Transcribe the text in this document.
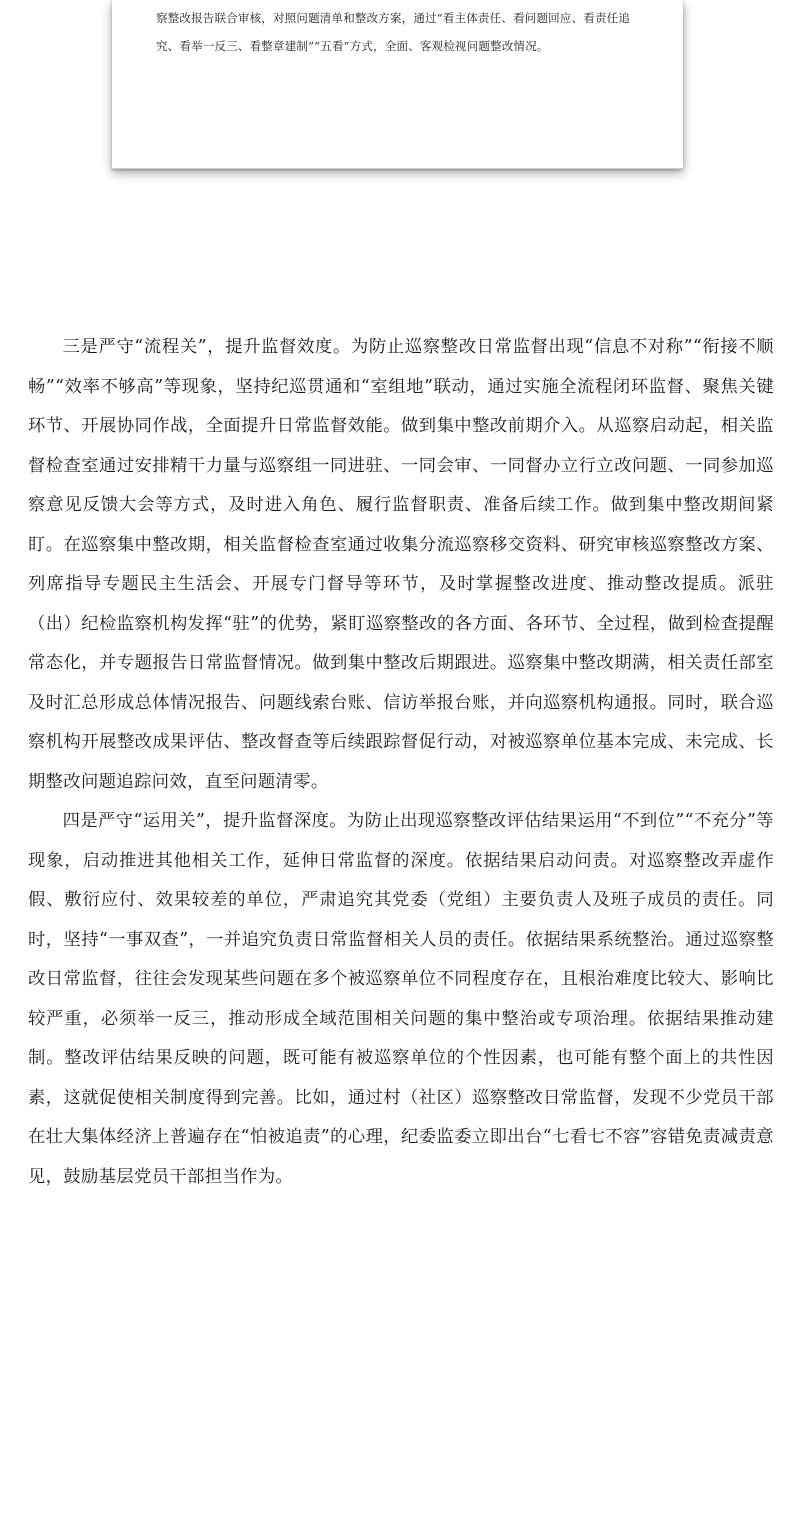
察整改报告联合审核，对照问题清单和整改方案，通过“看主体责任、看问题回应、看责任追究、看举一反三、看整章建制”“五看”方式，全面、客观检视问题整改情况。

三是严守“流程关”，提升监督效度。为防止巡察整改日常监督出现“信息不对称”“衔接不顺畅”“效率不够高”等现象，坚持纪巡贯通和“室组地”联动，通过实施全流程闭环监督、聚焦关键环节、开展协同作战，全面提升日常监督效能。做到集中整改前期介入。从巡察启动起，相关监督检查室通过安排精干力量与巡察组一同进驻、一同会审、一同督办立行立改问题、一同参加巡察意见反馈大会等方式，及时进入角色、履行监督职责、准备后续工作。做到集中整改期间紧盯。在巡察集中整改期，相关监督检查室通过收集分流巡察移交资料、研究审核巡察整改方案、列席指导专题民主生活会、开展专门督导等环节，及时掌握整改进度、推动整改提质。派驻（出）纪检监察机构发挥“驻”的优势，紧盯巡察整改的各方面、各环节、全过程，做到检查提醒常态化，并专题报告日常监督情况。做到集中整改后期跟进。巡察集中整改期满，相关责任部室及时汇总形成总体情况报告、问题线索台账、信访举报台账，并向巡察机构通报。同时，联合巡察机构开展整改成果评估、整改督查等后续跟踪督促行动，对被巡察单位基本完成、未完成、长期整改问题追踪问效，直至问题清零。

四是严守“运用关”，提升监督深度。为防止出现巡察整改评估结果运用“不到位”“不充分”等现象，启动推进其他相关工作，延伸日常监督的深度。依据结果启动问责。对巡察整改弄虚作假、敷衍应付、效果较差的单位，严肃追究其党委（党组）主要负责人及班子成员的责任。同时，坚持“一事双查”，一并追究负责日常监督相关人员的责任。依据结果系统整治。通过巡察整改日常监督，往往会发现某些问题在多个被巡察单位不同程度存在，且根治难度比较大、影响比较严重，必须举一反三，推动形成全域范围相关问题的集中整治或专项治理。依据结果推动建制。整改评估结果反映的问题，既可能有被巡察单位的个性因素，也可能有整个面上的共性因素，这就促使相关制度得到完善。比如，通过村（社区）巡察整改日常监督，发现不少党员干部在壮大集体经济上普遍存在“怕被追责”的心理，纪委监委立即出台“七看七不容”容错免责减责意见，鼓励基层党员干部担当作为。
